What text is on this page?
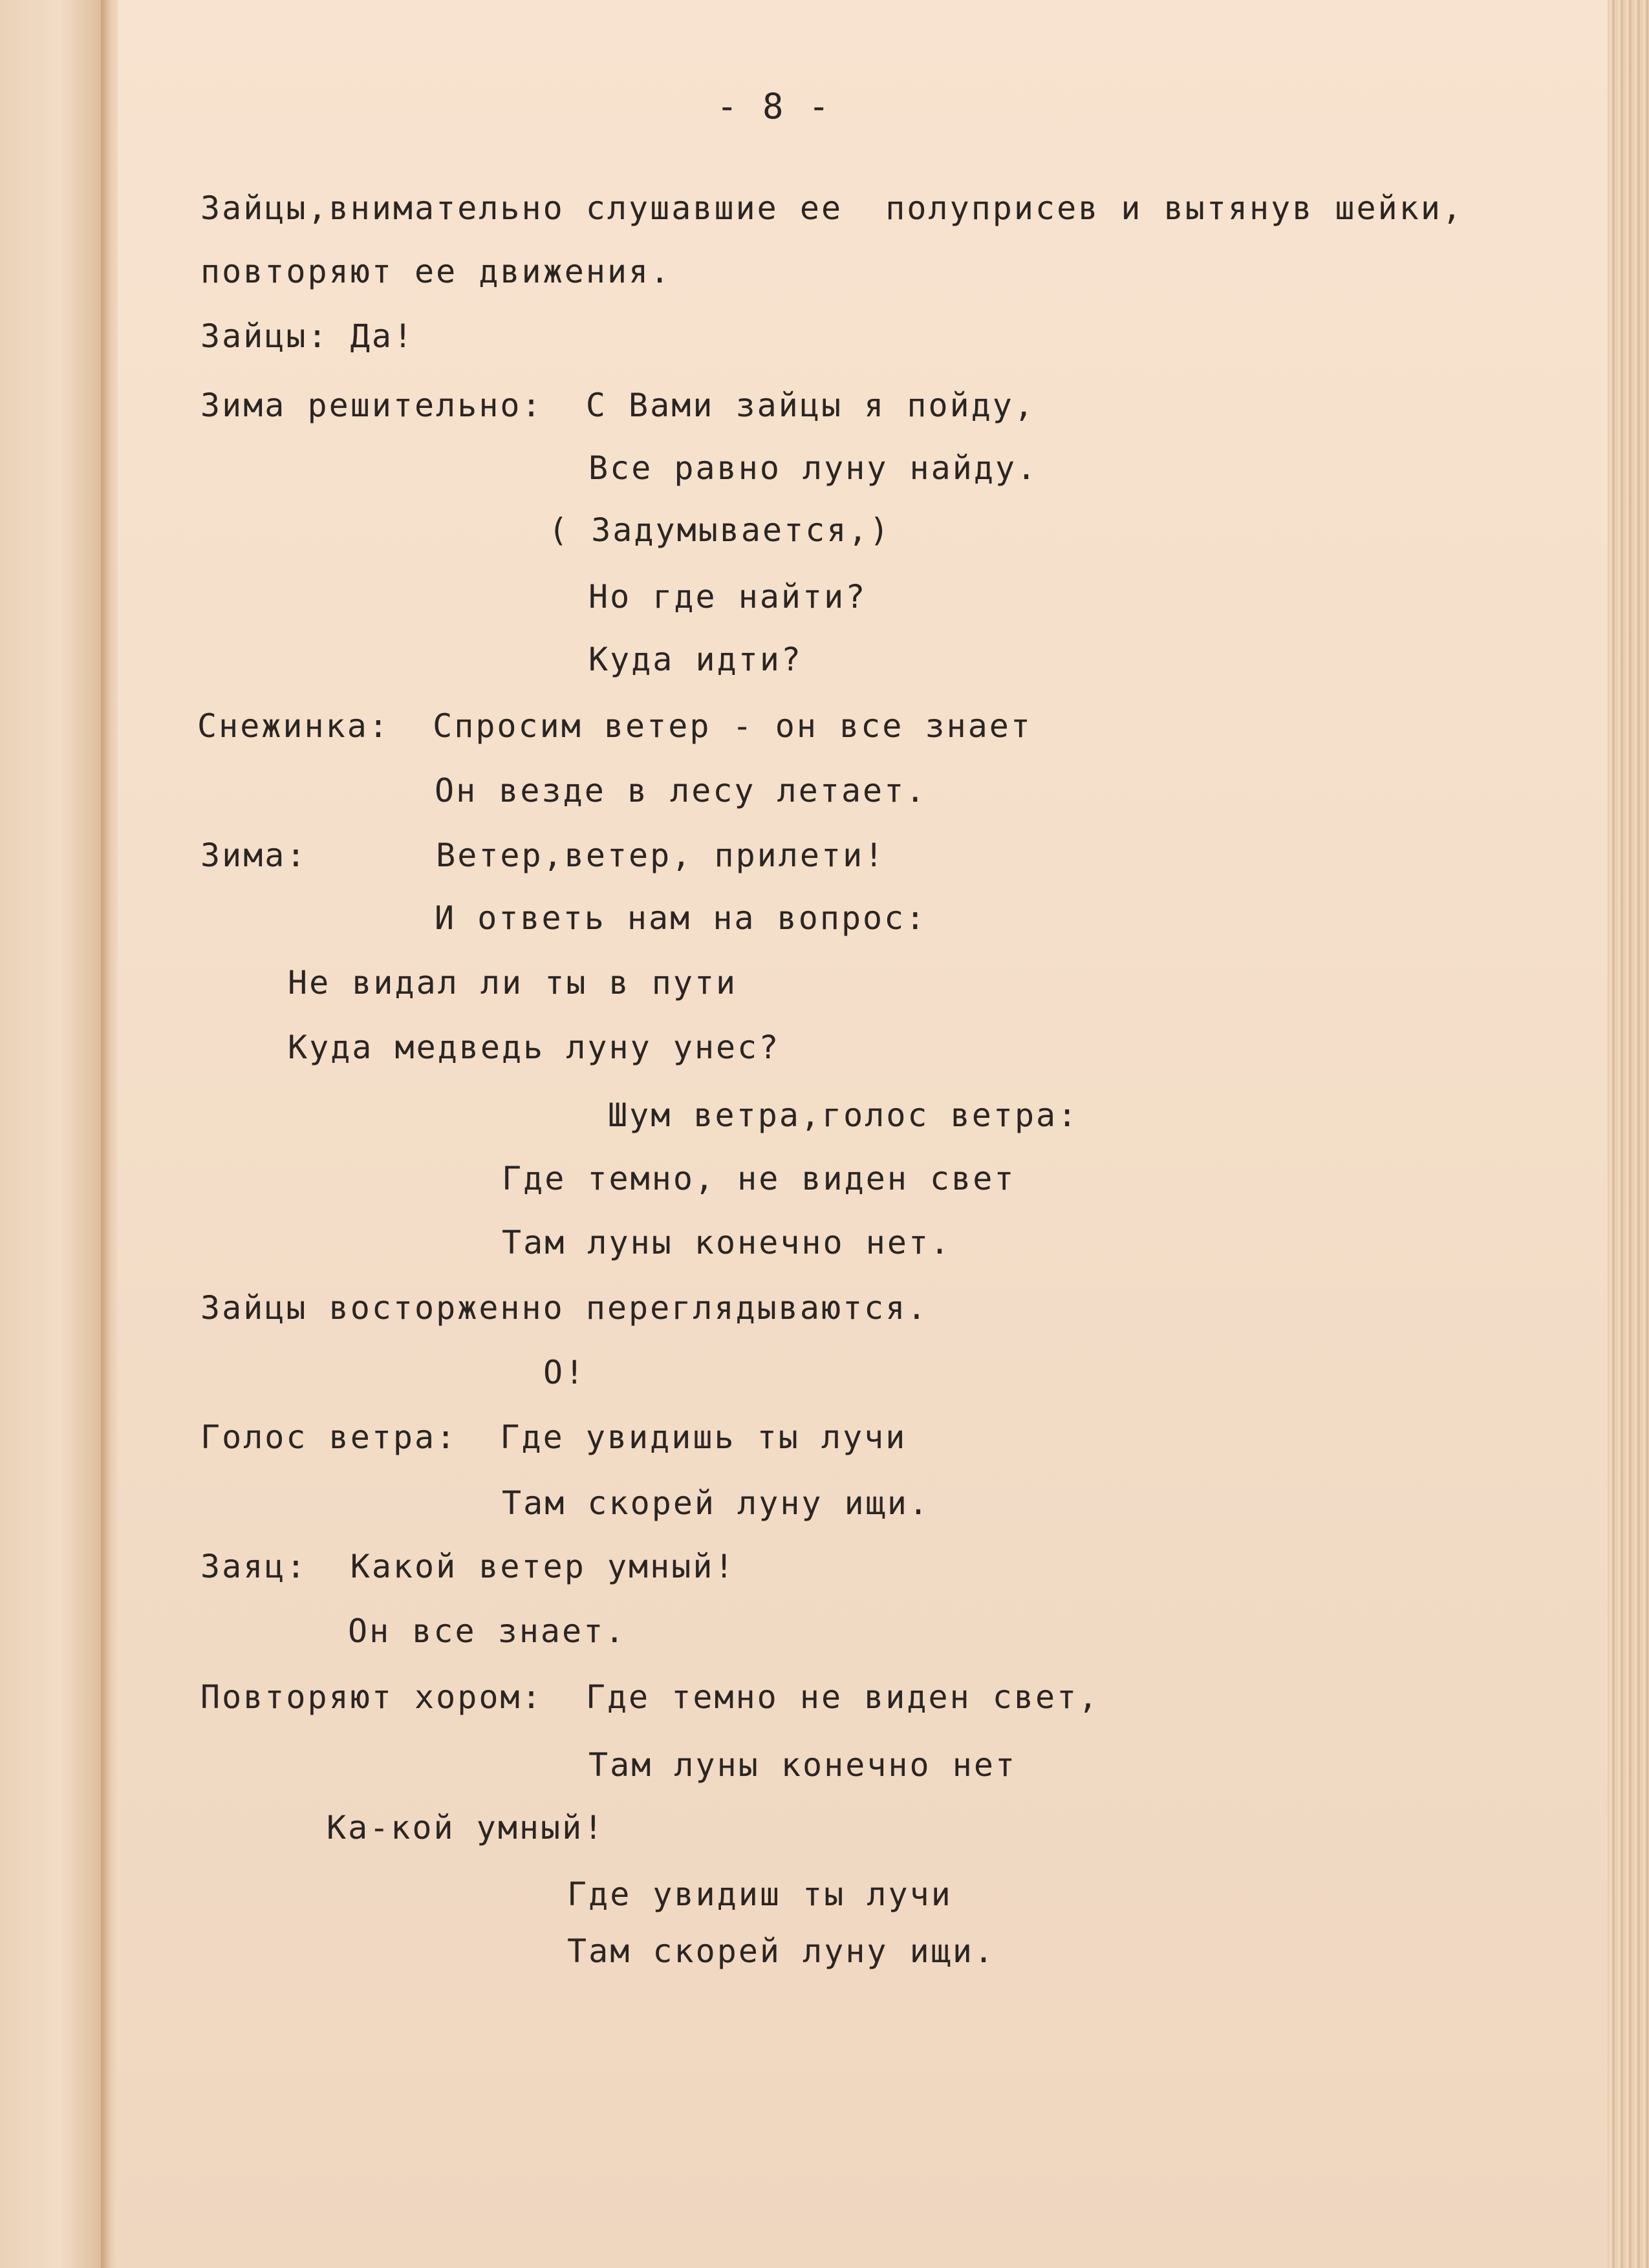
- 8 -

Зайцы,внимательно слушавшие ее  полуприсев и вытянув шейки,

повторяют ее движения.

Зайцы: Да!

Зима решительно:  С Вами зайцы я пойду,

Все равно луну найду.

( Задумывается,)

Но где найти?

Куда идти?

Снежинка:  Спросим ветер - он все знает

Он везде в лесу летает.

Зима:      Ветер,ветер, прилети!

И ответь нам на вопрос:

Не видал ли ты в пути

Куда медведь луну унес?

Шум ветра,голос ветра:

Где темно, не виден свет

Там луны конечно нет.

Зайцы восторженно переглядываются.

О!

Голос ветра:  Где увидишь ты лучи

Там скорей луну ищи.

Заяц:  Какой ветер умный!

Он все знает.

Повторяют хором:  Где темно не виден свет,

Там луны конечно нет

Ка-кой умный!

Где увидиш ты лучи

Там скорей луну ищи.
